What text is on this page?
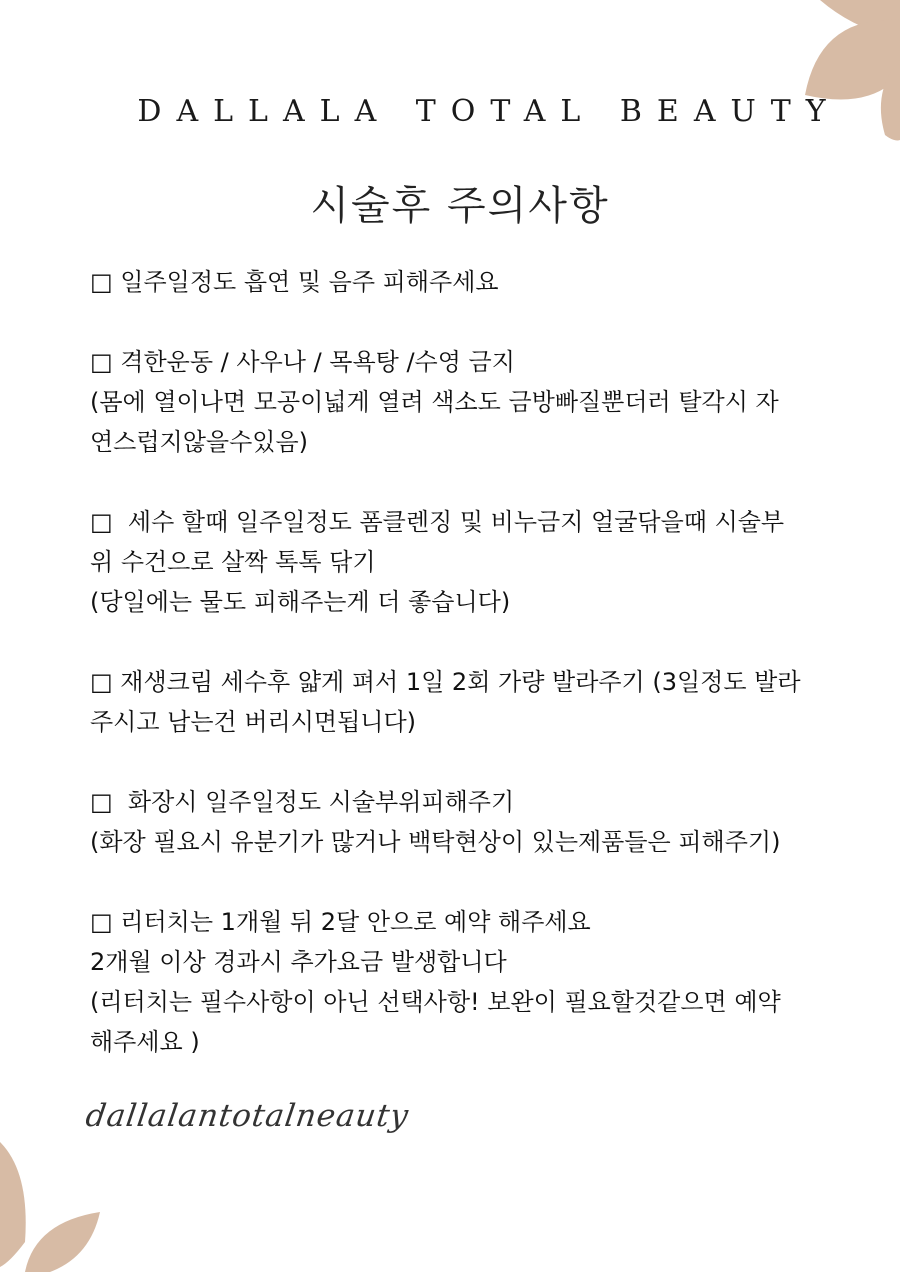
DALLALA TOTAL BEAUTY
시술후 주의사항
□ 일주일정도 흡연 및 음주 피해주세요
□ 격한운동 / 사우나 / 목욕탕 /수영 금지
(몸에 열이나면 모공이넓게 열려 색소도 금방빠질뿐더러 탈각시 자
연스럽지않을수있음)
□  세수 할때 일주일정도 폼클렌징 및 비누금지 얼굴닦을때 시술부
위 수건으로 살짝 톡톡 닦기
(당일에는 물도 피해주는게 더 좋습니다)
□ 재생크림 세수후 얇게 펴서 1일 2회 가량 발라주기 (3일정도 발라
주시고 남는건 버리시면됩니다)
□  화장시 일주일정도 시술부위피해주기
(화장 필요시 유분기가 많거나 백탁현상이 있는제품들은 피해주기)
□ 리터치는 1개월 뒤 2달 안으로 예약 해주세요
2개월 이상 경과시 추가요금 발생합니다
(리터치는 필수사항이 아닌 선택사항! 보완이 필요할것같으면 예약
해주세요 )
dallalantotalneauty
